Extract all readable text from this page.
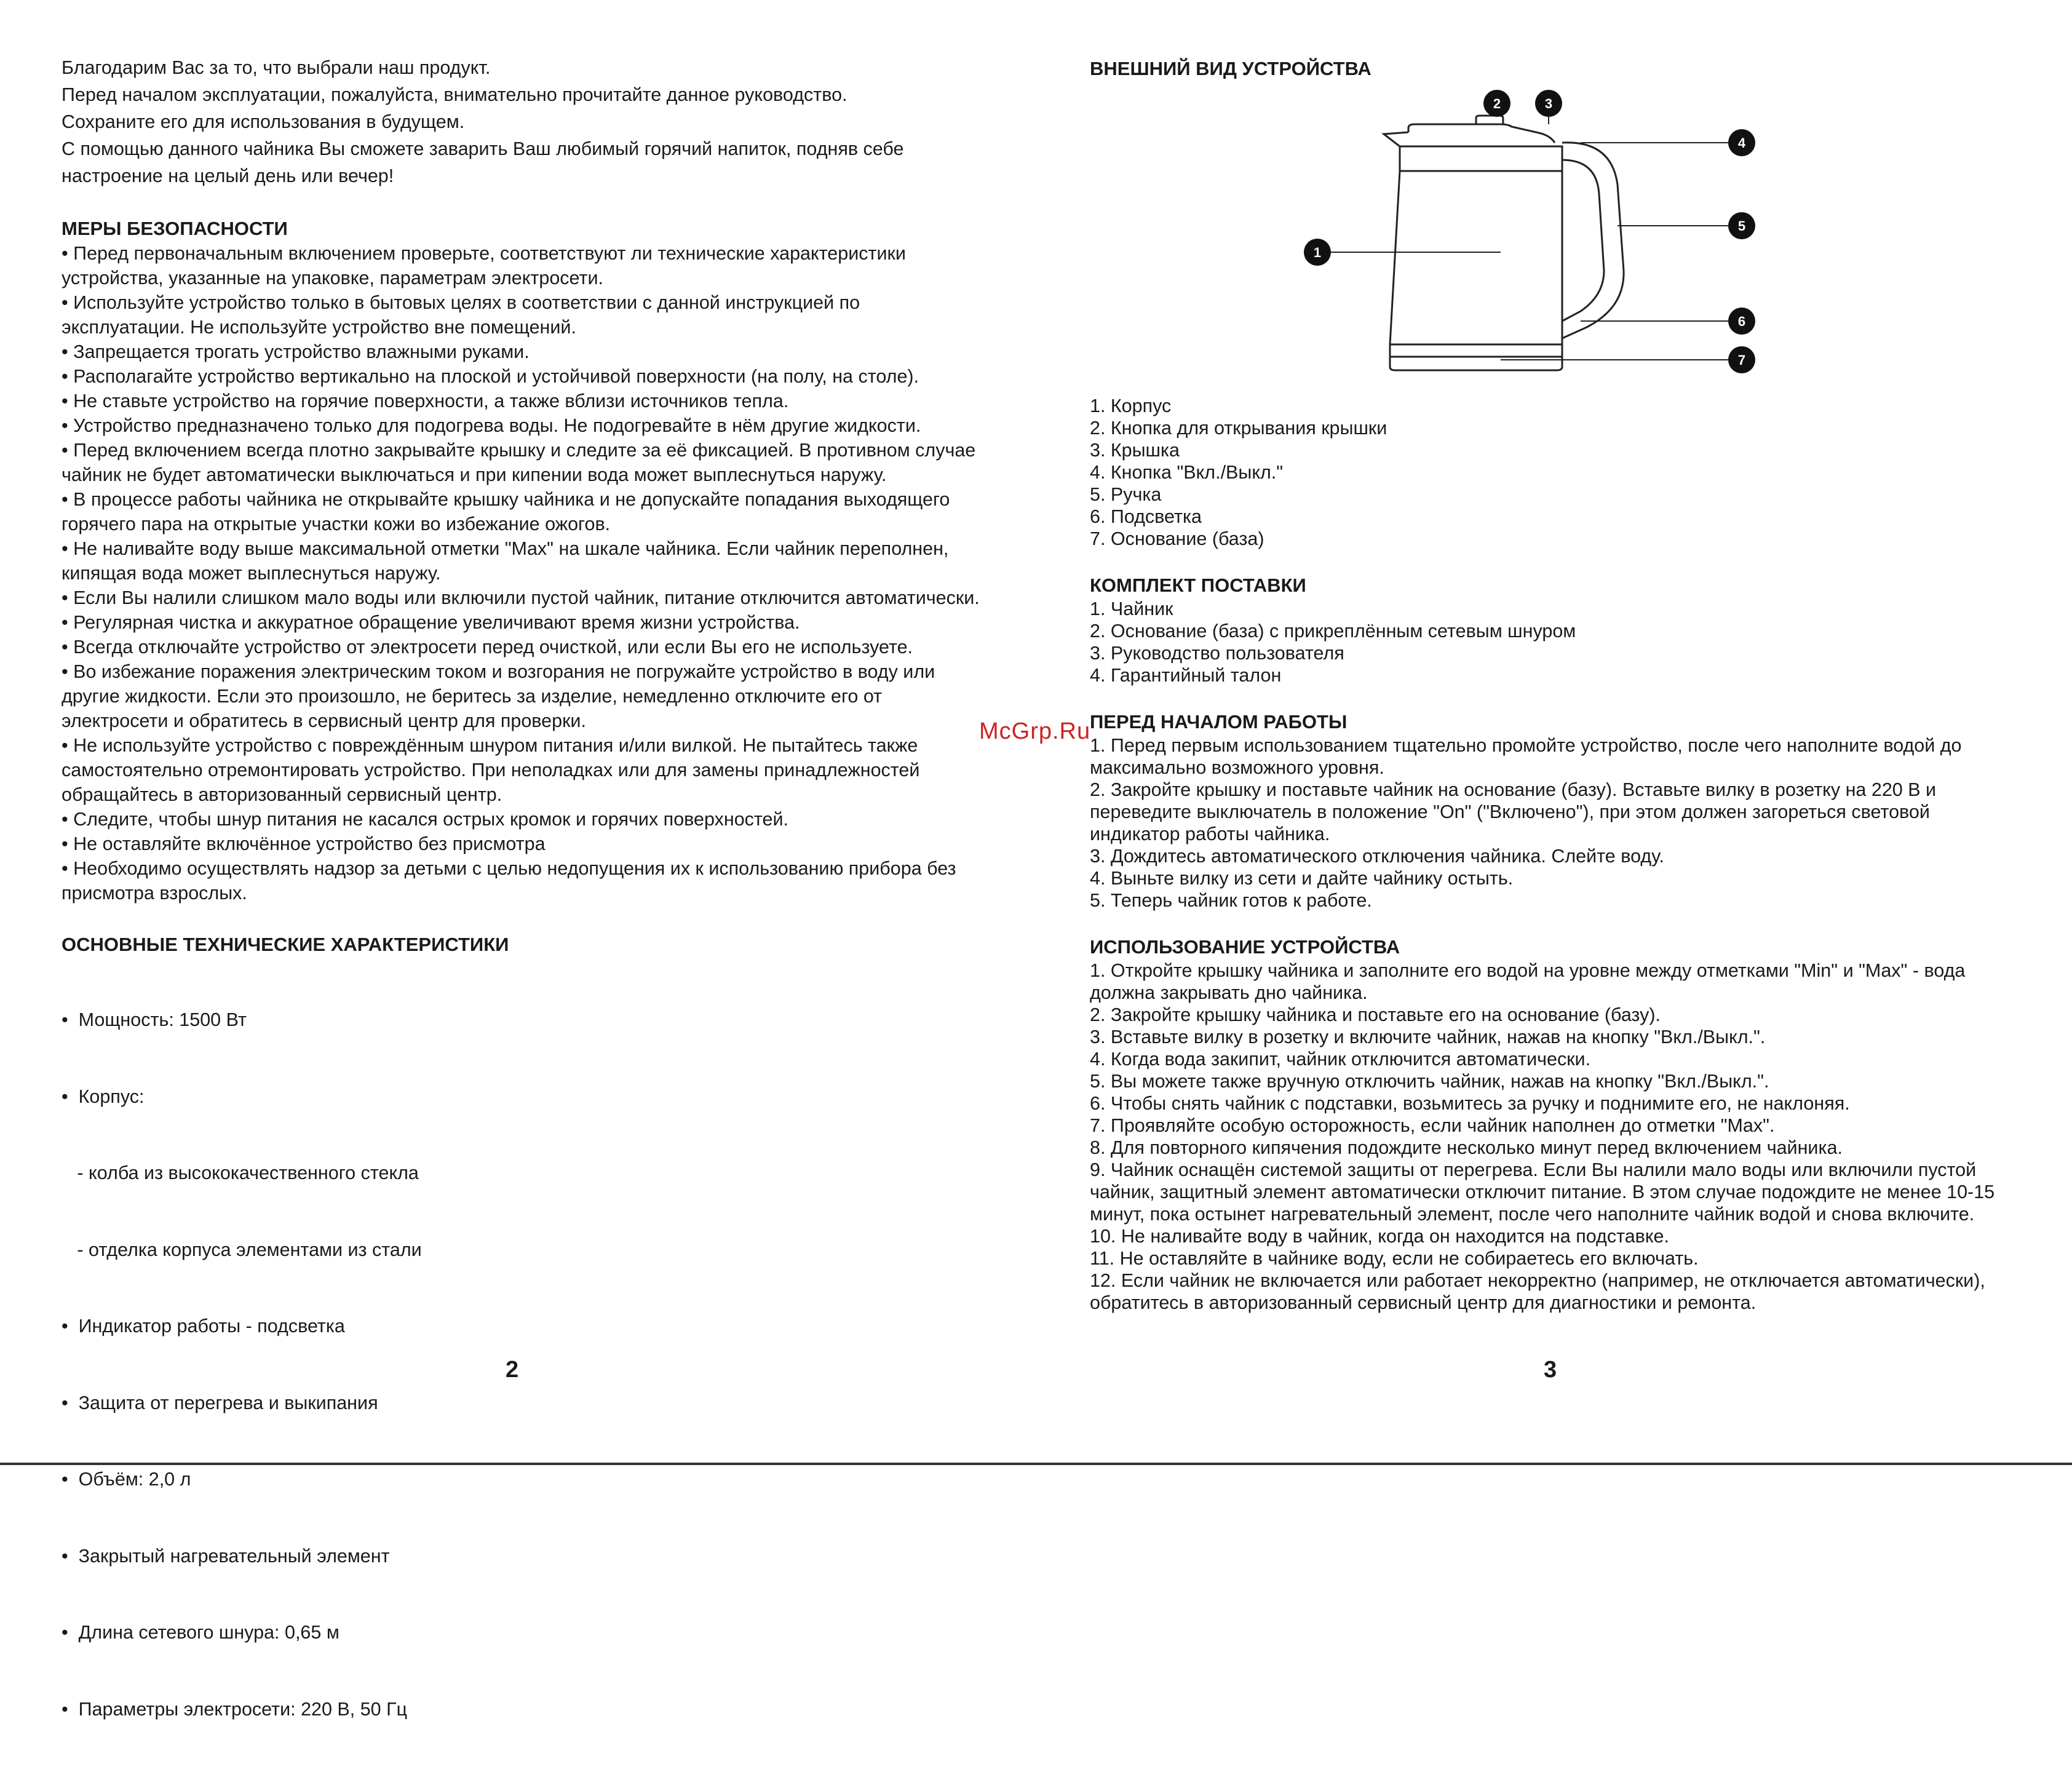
Благодарим Вас за то, что выбрали наш продукт.

Перед началом эксплуатации, пожалуйста, внимательно прочитайте данное руководство.

Сохраните его для использования в будущем.

С помощью данного чайника Вы сможете заварить Ваш любимый горячий напиток, подняв себе настроение на целый день или вечер!

МЕРЫ БЕЗОПАСНОСТИ

• Перед первоначальным включением проверьте, соответствуют ли технические характеристики устройства, указанные на упаковке, параметрам электросети.

• Используйте устройство только в бытовых целях в соответствии с данной инструкцией по эксплуатации. Не используйте устройство вне помещений.

• Запрещается трогать устройство влажными руками.

• Располагайте устройство вертикально на плоской и устойчивой поверхности (на полу, на столе).

• Не ставьте устройство на горячие поверхности, а также вблизи источников тепла.

• Устройство предназначено только для подогрева воды. Не подогревайте в нём другие жидкости.

• Перед включением всегда плотно закрывайте крышку и следите за её фиксацией. В противном случае чайник не будет автоматически выключаться и при кипении вода может выплеснуться наружу.

• В процессе работы чайника не открывайте крышку чайника и не допускайте попадания выходящего горячего пара на открытые участки кожи во избежание ожогов.

• Не наливайте воду выше максимальной отметки "Max" на шкале чайника. Если чайник переполнен, кипящая вода может выплеснуться наружу.

• Если Вы налили слишком мало воды или включили пустой чайник, питание отключится автоматически.

• Регулярная чистка и аккуратное обращение увеличивают время жизни устройства.

• Всегда отключайте устройство от электросети перед очисткой, или если Вы его не используете.

• Во избежание поражения электрическим током и возгорания не погружайте устройство в воду или другие жидкости. Если это произошло, не беритесь за изделие, немедленно отключите его от электросети и обратитесь в сервисный центр для проверки.

• Не используйте устройство с повреждённым шнуром питания и/или вилкой. Не пытайтесь также самостоятельно отремонтировать устройство. При неполадках или для замены принадлежностей обращайтесь в авторизованный сервисный центр.

• Следите, чтобы шнур питания не касался острых кромок и горячих поверхностей.

• Не оставляйте включённое устройство без присмотра

• Необходимо осуществлять надзор за детьми с целью недопущения их к использованию прибора без присмотра взрослых.

ОСНОВНЫЕ ТЕХНИЧЕСКИЕ ХАРАКТЕРИСТИКИ

•  Мощность: 1500 Вт

•  Корпус:

- колба из высококачественного стекла

- отделка корпуса элементами из стали

•  Индикатор работы - подсветка

•  Защита от перегрева и выкипания

•  Объём: 2,0 л

•  Закрытый нагревательный элемент

•  Длина сетевого шнура: 0,65 м

•  Параметры электросети: 220 В, 50 Гц

2

ВНЕШНИЙ ВИД УСТРОЙСТВА

1. Корпус

2. Кнопка для открывания крышки

3. Крышка

4. Кнопка "Вкл./Выкл."

5. Ручка

6. Подсветка

7. Основание (база)

КОМПЛЕКТ ПОСТАВКИ

1. Чайник

2. Основание (база) с прикреплённым сетевым шнуром

3. Руководство пользователя

4. Гарантийный талон

ПЕРЕД НАЧАЛОМ РАБОТЫ

1. Перед первым использованием тщательно промойте устройство, после чего наполните водой до максимально возможного уровня.

2. Закройте крышку и поставьте чайник на основание (базу). Вставьте вилку в розетку на 220 В и переведите выключатель в положение "On" ("Включено"), при этом должен загореться световой индикатор работы чайника.

3. Дождитесь автоматического отключения чайника. Слейте воду.

4. Выньте вилку из сети и дайте чайнику остыть.

5. Теперь чайник готов к работе.

ИСПОЛЬЗОВАНИЕ УСТРОЙСТВА

1. Откройте крышку чайника и заполните его водой на уровне между отметками "Min" и "Max" - вода должна закрывать дно чайника.

2. Закройте крышку чайника и поставьте его на основание (базу).

3. Вставьте вилку в розетку и включите чайник, нажав на кнопку "Вкл./Выкл.".

4. Когда вода закипит, чайник отключится автоматически.

5. Вы можете также вручную отключить чайник, нажав на кнопку "Вкл./Выкл.".

6. Чтобы снять чайник с подставки, возьмитесь за ручку и поднимите его, не наклоняя.

7. Проявляйте особую осторожность, если чайник наполнен до отметки "Max".

8. Для повторного кипячения подождите несколько минут перед включением чайника.

9. Чайник оснащён системой защиты от перегрева. Если Вы налили мало воды или включили пустой чайник, защитный элемент автоматически отключит питание. В этом случае подождите не менее 10-15 минут, пока остынет нагревательный элемент, после чего наполните чайник водой и снова включите.

10. Не наливайте воду в чайник, когда он находится на подставке.

11. Не оставляйте в чайнике воду, если не собираетесь его включать.

12. Если чайник не включается или работает некорректно (например, не отключается автоматически), обратитесь в авторизованный сервисный центр для диагностики и ремонта.

3
1
2	3
4
5
6
7
McGrp.Ru
